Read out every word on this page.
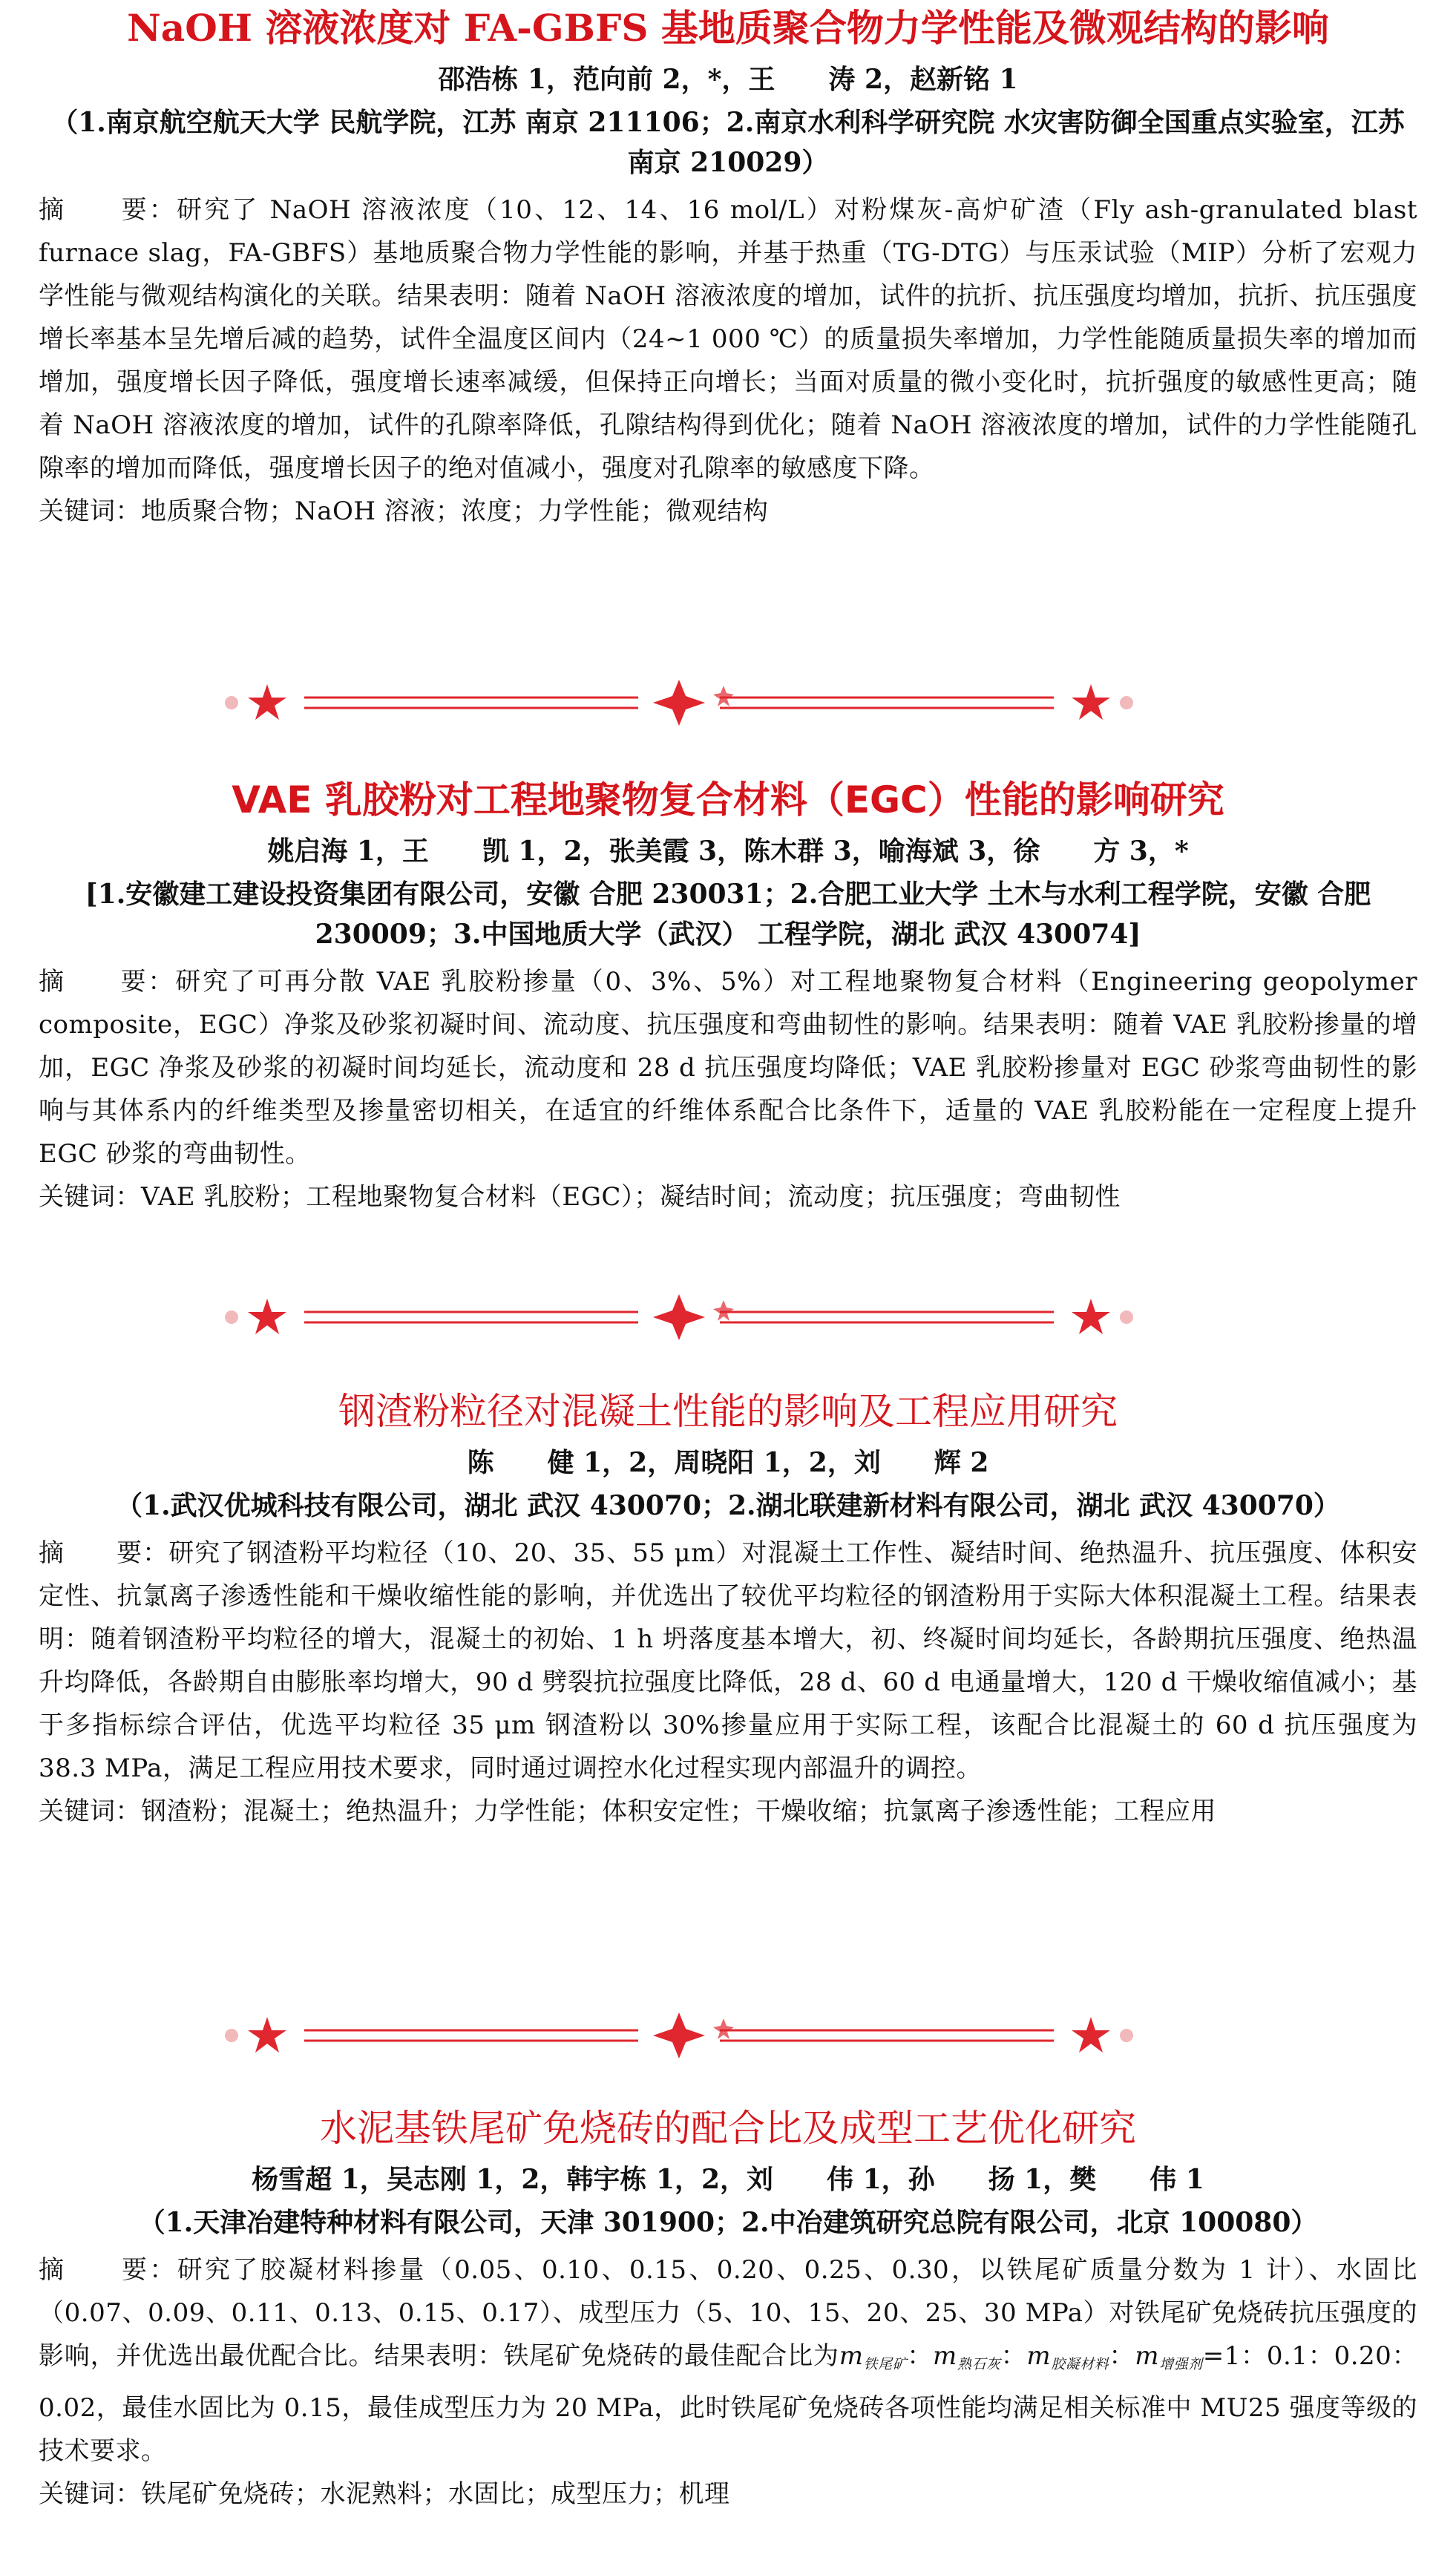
NaOH 溶液浓度对 FA-GBFS 基地质聚合物力学性能及微观结构的影响
邵浩栋 1，范向前 2，*，王　　涛 2，赵新铭 1
（1.南京航空航天大学 民航学院，江苏 南京 211106；2.南京水利科学研究院 水灾害防御全国重点实验室，江苏 南京 210029）
摘　　要：研究了 NaOH 溶液浓度（10、12、14、16 mol/L）对粉煤灰-高炉矿渣（Fly ash-granulated blast furnace slag，FA-GBFS）基地质聚合物力学性能的影响，并基于热重（TG-DTG）与压汞试验（MIP）分析了宏观力学性能与微观结构演化的关联。结果表明：随着 NaOH 溶液浓度的增加，试件的抗折、抗压强度均增加，抗折、抗压强度增长率基本呈先增后减的趋势，试件全温度区间内（24~1 000 ℃）的质量损失率增加，力学性能随质量损失率的增加而增加，强度增长因子降低，强度增长速率减缓，但保持正向增长；当面对质量的微小变化时，抗折强度的敏感性更高；随着 NaOH 溶液浓度的增加，试件的孔隙率降低，孔隙结构得到优化；随着 NaOH 溶液浓度的增加，试件的力学性能随孔隙率的增加而降低，强度增长因子的绝对值减小，强度对孔隙率的敏感度下降。
关键词：地质聚合物；NaOH 溶液；浓度；力学性能；微观结构
VAE 乳胶粉对工程地聚物复合材料（EGC）性能的影响研究
姚启海 1，王　　凯 1，2，张美霞 3，陈木群 3，喻海斌 3，徐　　方 3，*
[1.安徽建工建设投资集团有限公司，安徽 合肥 230031；2.合肥工业大学 土木与水利工程学院，安徽 合肥 230009；3.中国地质大学（武汉） 工程学院，湖北 武汉 430074]
摘　　要：研究了可再分散 VAE 乳胶粉掺量（0、3%、5%）对工程地聚物复合材料（Engineering geopolymer composite，EGC）净浆及砂浆初凝时间、流动度、抗压强度和弯曲韧性的影响。结果表明：随着 VAE 乳胶粉掺量的增加，EGC 净浆及砂浆的初凝时间均延长，流动度和 28 d 抗压强度均降低；VAE 乳胶粉掺量对 EGC 砂浆弯曲韧性的影响与其体系内的纤维类型及掺量密切相关，在适宜的纤维体系配合比条件下，适量的 VAE 乳胶粉能在一定程度上提升 EGC 砂浆的弯曲韧性。
关键词：VAE 乳胶粉；工程地聚物复合材料（EGC）；凝结时间；流动度；抗压强度；弯曲韧性
钢渣粉粒径对混凝土性能的影响及工程应用研究
陈　　健 1，2，周晓阳 1，2，刘　　辉 2
（1.武汉优城科技有限公司，湖北 武汉 430070；2.湖北联建新材料有限公司，湖北 武汉 430070）
摘　　要：研究了钢渣粉平均粒径（10、20、35、55 μm）对混凝土工作性、凝结时间、绝热温升、抗压强度、体积安定性、抗氯离子渗透性能和干燥收缩性能的影响，并优选出了较优平均粒径的钢渣粉用于实际大体积混凝土工程。结果表明：随着钢渣粉平均粒径的增大，混凝土的初始、1 h 坍落度基本增大，初、终凝时间均延长，各龄期抗压强度、绝热温升均降低，各龄期自由膨胀率均增大，90 d 劈裂抗拉强度比降低，28 d、60 d 电通量增大，120 d 干燥收缩值减小；基于多指标综合评估，优选平均粒径 35 μm 钢渣粉以 30%掺量应用于实际工程，该配合比混凝土的 60 d 抗压强度为 38.3 MPa，满足工程应用技术要求，同时通过调控水化过程实现内部温升的调控。
关键词：钢渣粉；混凝土；绝热温升；力学性能；体积安定性；干燥收缩；抗氯离子渗透性能；工程应用
水泥基铁尾矿免烧砖的配合比及成型工艺优化研究
杨雪超 1，吴志刚 1，2，韩宇栋 1，2，刘　　伟 1，孙　　扬 1，樊　　伟 1
（1.天津冶建特种材料有限公司，天津 301900；2.中冶建筑研究总院有限公司，北京 100080）
摘　　要：研究了胶凝材料掺量（0.05、0.10、0.15、0.20、0.25、0.30，以铁尾矿质量分数为 1 计）、水固比（0.07、0.09、0.11、0.13、0.15、0.17）、成型压力（5、10、15、20、25、30 MPa）对铁尾矿免烧砖抗压强度的影响，并优选出最优配合比。结果表明：铁尾矿免烧砖的最佳配合比为$m_{铁尾矿}$：$m_{熟石灰}$：$m_{胶凝材料}$：$m_{增强剂}=1$：0.1：0.20：0.02，最佳水固比为 0.15，最佳成型压力为 20 MPa，此时铁尾矿免烧砖各项性能均满足相关标准中 MU25 强度等级的技术要求。
关键词：铁尾矿免烧砖；水泥熟料；水固比；成型压力；机理
